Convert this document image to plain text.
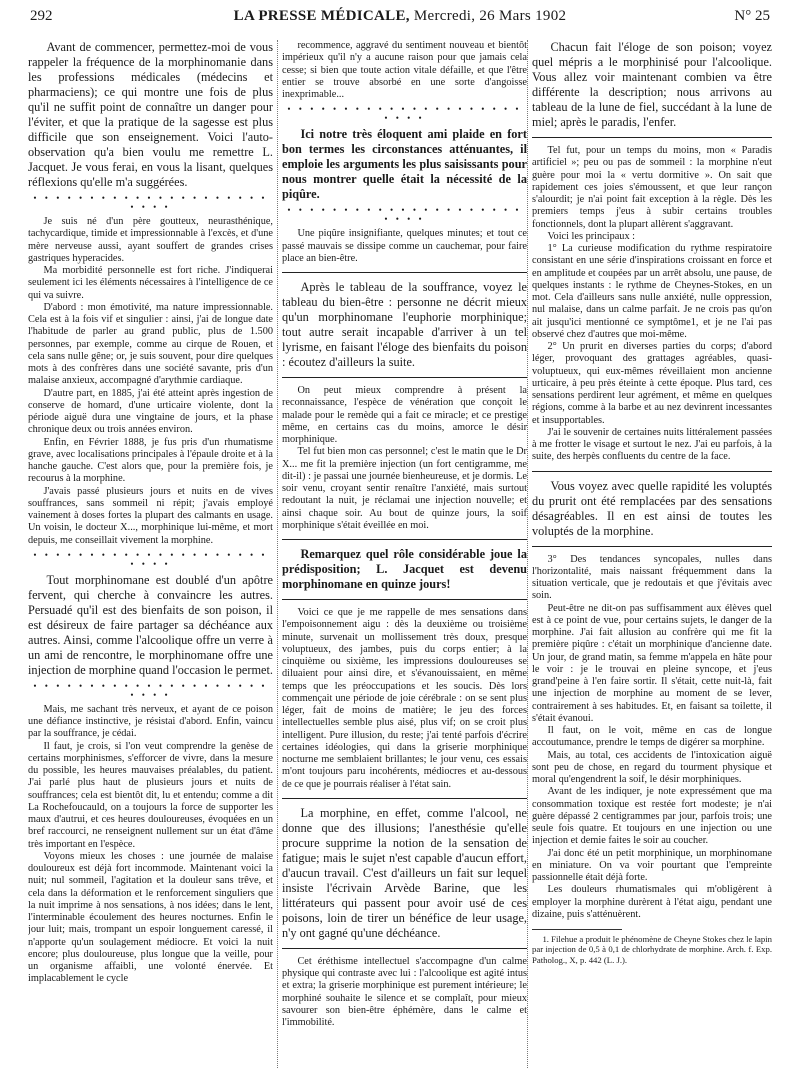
292	LA PRESSE MÉDICALE, Mercredi, 26 Mars 1902	N° 25

Avant de commencer, permettez-moi de vous rappeler la fréquence de la morphinomanie dans les professions médicales (médecins et pharmaciens); ce qui montre une fois de plus qu'il ne suffit point de connaître un danger pour l'éviter, et que la pratique de la sagesse est plus difficile que son enseignement. Voici l'auto-observation qu'a bien voulu me remettre L. Jacquet. Je vous ferai, en vous la lisant, quelques réflexions qu'elle m'a suggérées.

• • • • • • • • • • • • • • • • • • • • • • • • •

Je suis né d'un père goutteux, neurasthénique, tachycardique, timide et impressionnable à l'excès, et d'une mère nerveuse aussi, ayant souffert de grandes crises gastriques hyperacides.

Ma morbidité personnelle est fort riche. J'indiquerai seulement ici les éléments nécessaires à l'intelligence de ce qui va suivre.

D'abord : mon émotivité, ma nature impressionnable. Cela est à la fois vif et singulier : ainsi, j'ai de longue date l'habitude de parler au grand public, plus de 1.500 personnes, par exemple, comme au cirque de Rouen, et cela sans nulle gêne; or, je suis souvent, pour dire quelques mots à des confrères dans une société savante, pris d'un malaise anxieux, accompagné d'arythmie cardiaque.

D'autre part, en 1885, j'ai été atteint après ingestion de conserve de homard, d'une urticaire violente, dont la période aiguë dura une vingtaine de jours, et la phase chronique deux ou trois années environ.

Enfin, en Février 1888, je fus pris d'un rhumatisme grave, avec localisations principales à l'épaule droite et à la hanche gauche. C'est alors que, pour la première fois, je recourus à la morphine.

J'avais passé plusieurs jours et nuits en de vives souffrances, sans sommeil ni répit; j'avais employé vainement à doses fortes la plupart des calmants en usage. Un voisin, le docteur X..., morphinique lui-même, et mort depuis, me conseillait vivement la morphine.

• • • • • • • • • • • • • • • • • • • • • • • • •

Tout morphinomane est doublé d'un apôtre fervent, qui cherche à convaincre les autres. Persuadé qu'il est des bienfaits de son poison, il est désireux de faire partager sa déchéance aux autres. Ainsi, comme l'alcoolique offre un verre à un ami de rencontre, le morphinomane offre une injection de morphine quand l'occasion le permet.

• • • • • • • • • • • • • • • • • • • • • • • • •

Mais, me sachant très nerveux, et ayant de ce poison une défiance instinctive, je résistai d'abord. Enfin, vaincu par la souffrance, je cédai.

Il faut, je crois, si l'on veut comprendre la genèse de certains morphinismes, s'efforcer de vivre, dans la mesure du possible, les heures mauvaises préalables, du patient. J'ai parlé plus haut de plusieurs jours et nuits de souffrances; cela est bientôt dit, lu et entendu; comme a dit La Rochefoucauld, on a toujours la force de supporter les maux d'autrui, et ces heures douloureuses, évoquées en un bref raccourci, ne renseignent nullement sur un état d'âme très important en l'espèce.

Voyons mieux les choses : une journée de malaise douloureux est déjà fort incommode. Maintenant voici la nuit; nul sommeil, l'agitation et la douleur sans trêve, et cela dans la déformation et le renforcement singuliers que la nuit imprime à nos sensations, à nos idées; dans le lent, l'interminable écoulement des heures nocturnes. Enfin le jour luit; mais, trompant un espoir longuement caressé, il n'apporte qu'un soulagement médiocre. Et voici la nuit encore; plus douloureuse, plus longue que la veille, pour un organisme affaibli, une volonté énervée. Et implacablement le cycle

recommence, aggravé du sentiment nouveau et bientôt impérieux qu'il n'y a aucune raison pour que jamais cela cesse; si bien que toute action vitale défaille, et que l'être entier se trouve absorbé en une sorte d'angoisse inexprimable...

• • • • • • • • • • • • • • • • • • • • • • • • •

Ici notre très éloquent ami plaide en fort bon termes les circonstances atténuantes, il emploie les arguments les plus saisissants pour nous montrer quelle était la nécessité de la piqûre.

• • • • • • • • • • • • • • • • • • • • • • • • •

Une piqûre insignifiante, quelques minutes; et tout ce passé mauvais se dissipe comme un cauchemar, pour faire place an bien-être.

Après le tableau de la souffrance, voyez le tableau du bien-être : personne ne décrit mieux qu'un morphinomane l'euphorie morphinique; tout autre serait incapable d'arriver à un tel lyrisme, en faisant l'éloge des bienfaits du poison : écoutez d'ailleurs la suite.

On peut mieux comprendre à présent la reconnaissance, l'espèce de vénération que conçoit le malade pour le remède qui a fait ce miracle; et ce prestige même, en certains cas du moins, amorce le désir morphinique.

Tel fut bien mon cas personnel; c'est le matin que le Dr X... me fit la première injection (un fort centigramme, me dit-il) : je passai une journée bienheureuse, et je dormis. Le soir venu, croyant sentir renaître l'anxiété, mais surtout redoutant la nuit, je réclamai une injection nouvelle; et ainsi chaque soir. Au bout de quinze jours, la soif morphinique s'était éveillée en moi.

Remarquez quel rôle considérable joue la prédisposition; L. Jacquet est devenu morphinomane en quinze jours!

Voici ce que je me rappelle de mes sensations dans l'empoisonnement aigu : dès la deuxième ou troisième minute, survenait un mollissement très doux, presque voluptueux, des jambes, puis du corps entier; à la cinquième ou sixième, les impressions douloureuses se diluaient pour ainsi dire, et s'évanouissaient, en même temps que les préoccupations et les soucis. Dès lors commençait une période de joie cérébrale : on se sent plus léger, fait de moins de matière; le jeu des forces intellectuelles semble plus aisé, plus vif; on se croit plus intelligent. Pure illusion, du reste; j'ai tenté parfois d'écrire certaines idéologies, qui dans la griserie morphinique nocturne me semblaient brillantes; le jour venu, ces essais m'ont toujours paru incohérents, médiocres et au-dessous de ce que je pourrais réaliser à l'état sain.

La morphine, en effet, comme l'alcool, ne donne que des illusions; l'anesthésie qu'elle procure supprime la notion de la sensation de fatigue; mais le sujet n'est capable d'aucun effort, d'aucun travail. C'est d'ailleurs un fait sur lequel insiste l'écrivain Arvède Barine, que les littérateurs qui passent pour avoir usé de ces poisons, loin de tirer un bénéfice de leur usage, n'y ont gagné qu'une déchéance.

Cet éréthisme intellectuel s'accompagne d'un calme physique qui contraste avec lui : l'alcoolique est agité intus et extra; la griserie morphinique est purement intérieure; le morphiné souhaite le silence et se complaît, pour mieux savourer son bien-être éphémère, dans le calme et l'immobilité.

Chacun fait l'éloge de son poison; voyez quel mépris a le morphinisé pour l'alcoolique. Vous allez voir maintenant combien va être différente la description; nous arrivons au tableau de la lune de fiel, succédant à la lune de miel; après le paradis, l'enfer.

Tel fut, pour un temps du moins, mon « Paradis artificiel »; peu ou pas de sommeil : la morphine n'eut guère pour moi la « vertu dormitive ». On sait que rapidement ces joies s'émoussent, et que leur rançon s'alourdit; je n'ai point fait exception à la règle. Dès les premiers temps j'eus à subir certains troubles fonctionnels, dont la plupart allèrent s'aggravant.

Voici les principaux :

1° La curieuse modification du rythme respiratoire consistant en une série d'inspirations croissant en force et en amplitude et coupées par un arrêt absolu, une pause, de quelques instants : le rythme de Cheynes-Stokes, en un mot. Cela d'ailleurs sans nulle anxiété, nulle oppression, nul malaise, dans un calme parfait. Je ne crois pas qu'on ait jusqu'ici mentionné ce symptôme1, et je ne l'ai pas observé chez d'autres que moi-même.

2° Un prurit en diverses parties du corps; d'abord léger, provoquant des grattages agréables, quasi-voluptueux, qui eux-mêmes réveillaient mon ancienne urticaire, à peu près éteinte à cette époque. Plus tard, ces sensations perdirent leur agrément, et même en quelques régions, comme à la barbe et au nez devinrent incessantes et insupportables.

J'ai le souvenir de certaines nuits littéralement passées à me frotter le visage et surtout le nez. J'ai eu parfois, à la suite, des herpès confluents du centre de la face.

Vous voyez avec quelle rapidité les voluptés du prurit ont été remplacées par des sensations désagréables. Il en est ainsi de toutes les voluptés de la morphine.

3° Des tendances syncopales, nulles dans l'horizontalité, mais naissant fréquemment dans la situation verticale, que je redoutais et que j'évitais avec soin.

Peut-être ne dit-on pas suffisamment aux élèves quel est à ce point de vue, pour certains sujets, le danger de la morphine. J'ai fait allusion au confrère qui me fit la première piqûre : c'était un morphinique d'ancienne date. Un jour, de grand matin, sa femme m'appela en hâte pour le voir : je le trouvai en pleine syncope, et j'eus grand'peine à l'en faire sortir. Il s'était, cette nuit-là, fait une injection de morphine au moment de se lever, contrairement à ses habitudes. Et, en faisant sa toilette, il s'était évanoui.

Il faut, on le voit, même en cas de longue accoutumance, prendre le temps de digérer sa morphine.

Mais, au total, ces accidents de l'intoxication aiguë sont peu de chose, en regard du tourment physique et moral qu'engendrent la soif, le désir morphiniques.

Avant de les indiquer, je note expressément que ma consommation toxique est restée fort modeste; je n'ai guère dépassé 2 centigrammes par jour, parfois trois; une seule fois quatre. Et toujours en une injection ou une injection et demie faites le soir au coucher.

J'ai donc été un petit morphinique, un morphinomane en miniature. On va voir pourtant que l'empreinte passionnelle était déjà forte.

Les douleurs rhumatismales qui m'obligèrent à employer la morphine durèrent à l'état aigu, pendant une dizaine, puis s'atténuèrent.

1. Filehue a produit le phénomène de Cheyne Stokes chez le lapin par injection de 0,5 à 0,1 de chlorhydrate de morphine. Arch. f. Exp. Patholog., X, p. 442 (L. J.).
